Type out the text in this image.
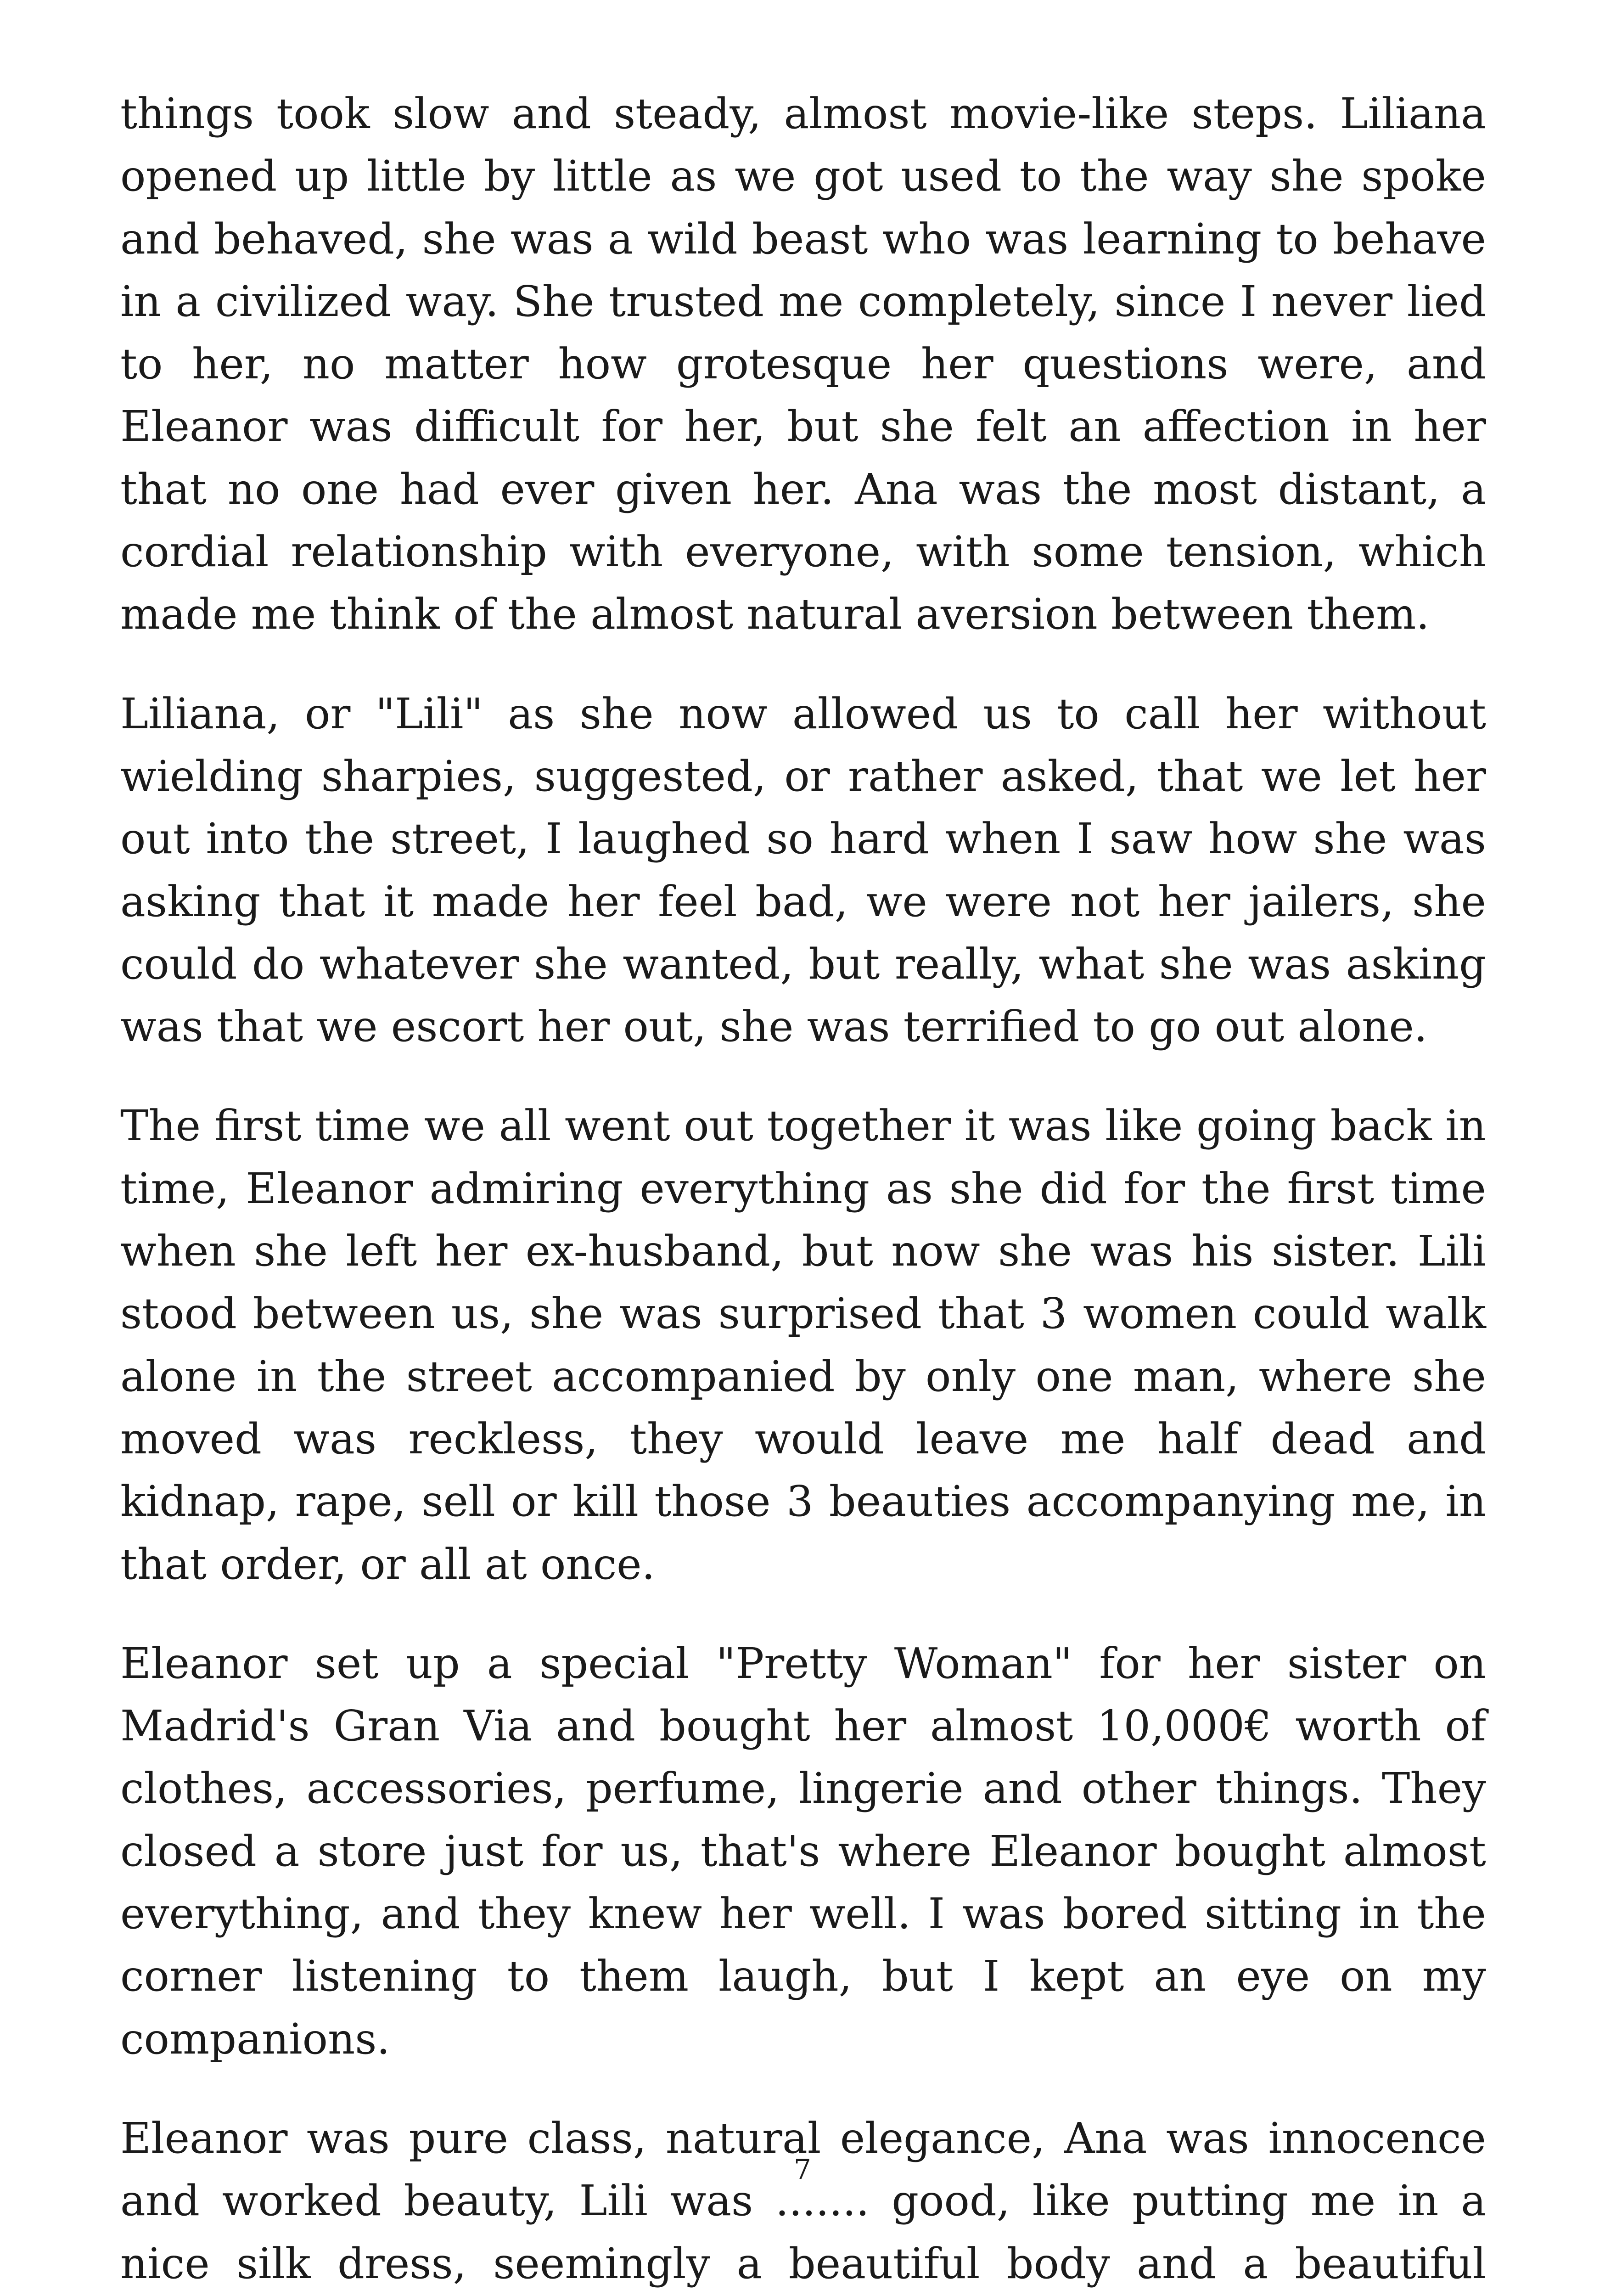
things took slow and steady, almost movie-like steps. Liliana opened up little by little as we got used to the way she spoke and behaved, she was a wild beast who was learning to behave in a civilized way. She trusted me completely, since I never lied to her, no matter how grotesque her questions were, and Eleanor was difficult for her, but she felt an affection in her that no one had ever given her. Ana was the most distant, a cordial relationship with everyone, with some tension, which made me think of the almost natural aversion between them.

Liliana, or "Lili" as she now allowed us to call her without wielding sharpies, suggested, or rather asked, that we let her out into the street, I laughed so hard when I saw how she was asking that it made her feel bad, we were not her jailers, she could do whatever she wanted, but really, what she was asking was that we escort her out, she was terrified to go out alone.

The first time we all went out together it was like going back in time, Eleanor admiring everything as she did for the first time when she left her ex-husband, but now she was his sister. Lili stood between us, she was surprised that 3 women could walk alone in the street accompanied by only one man, where she moved was reckless, they would leave me half dead and kidnap, rape, sell or kill those 3 beauties accompanying me, in that order, or all at once.

Eleanor set up a special "Pretty Woman" for her sister on Madrid's Gran Via and bought her almost 10,000€ worth of clothes, accessories, perfume, lingerie and other things. They closed a store just for us, that's where Eleanor bought almost everything, and they knew her well. I was bored sitting in the corner listening to them laugh, but I kept an eye on my companions.

Eleanor was pure class, natural elegance, Ana was innocence and worked beauty, Lili was ....... good, like putting me in a nice silk dress, seemingly a beautiful body and a beautiful

7
